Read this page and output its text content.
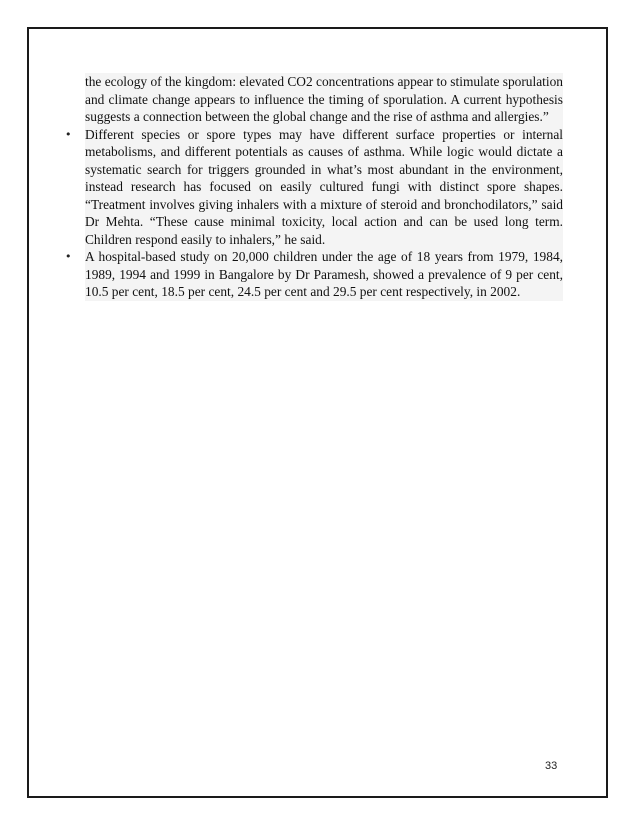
the ecology of the kingdom: elevated CO2 concentrations appear to stimulate sporulation and climate change appears to influence the timing of sporulation. A current hypothesis suggests a connection between the global change and the rise of asthma and allergies.”

• Different species or spore types may have different surface properties or internal metabolisms, and different potentials as causes of asthma. While logic would dictate a systematic search for triggers grounded in what’s most abundant in the environment, instead research has focused on easily cultured fungi with distinct spore shapes. “Treatment involves giving inhalers with a mixture of steroid and bronchodilators,” said Dr Mehta. “These cause minimal toxicity, local action and can be used long term. Children respond easily to inhalers,” he said.

• A hospital-based study on 20,000 children under the age of 18 years from 1979, 1984, 1989, 1994 and 1999 in Bangalore by Dr Paramesh, showed a prevalence of 9 per cent, 10.5 per cent, 18.5 per cent, 24.5 per cent and 29.5 per cent respectively, in 2002.

33
